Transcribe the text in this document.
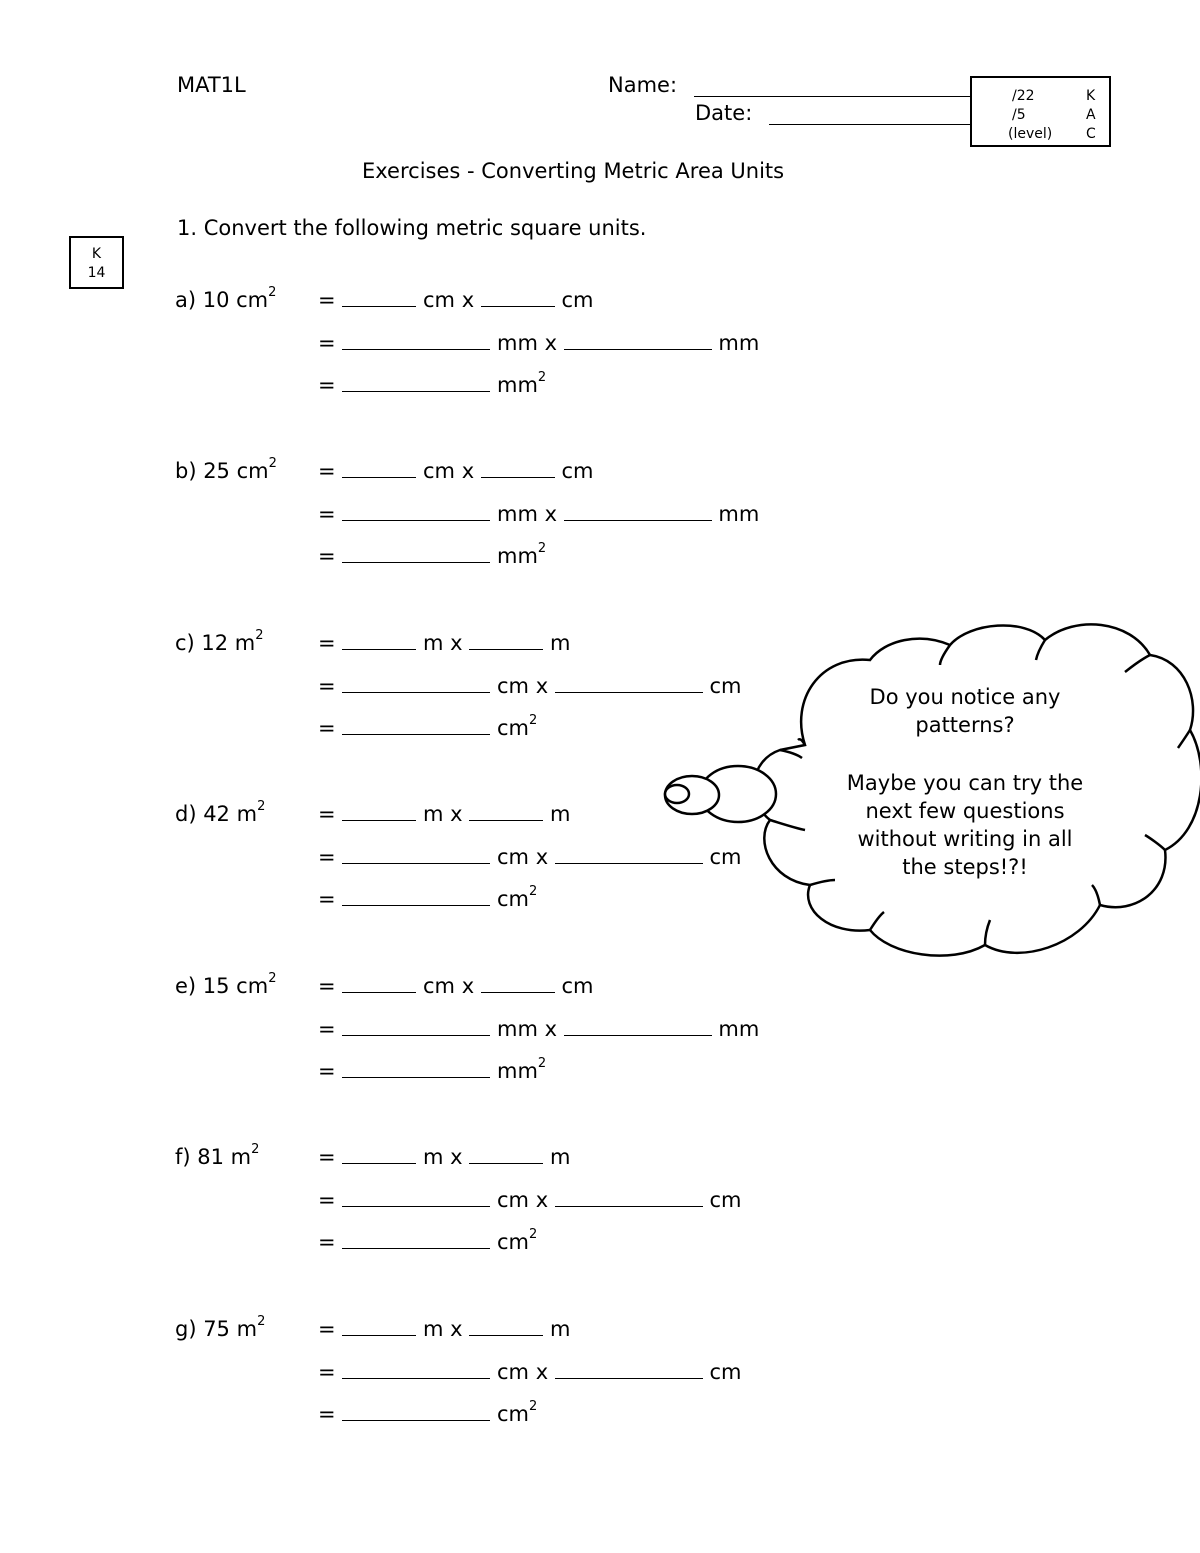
MAT1L	Name:
Date:
/22	K
/5	A
(level) C
Exercises - Converting Metric Area Units
K
14
1. Convert the following metric square units.
a) 10 $cm^2$ =	cm x	cm
=	mm x	mm
=	$mm^2$
b) 25 $cm^2$ =	cm x	cm
=	mm x	mm
=	$mm^2$
c) 12 $m^2$	=	m x	m
=	cm x	cm
=	$cm^2$
d) 42 $m^2$	=	m x	m
=	cm x	cm
=	$cm^2$
e) 15 $cm^2$ =	cm x	cm
=	mm x	mm
=	$mm^2$
f) 81 $m^2$	=	m x	m
=	cm x	cm
=	$cm^2$
g) 75 $m^2$	=	m x	m
=	cm x	cm
=	$cm^2$
Do you notice any
patterns?
Maybe you can try the
next few questions
without writing in all
the steps!?!
